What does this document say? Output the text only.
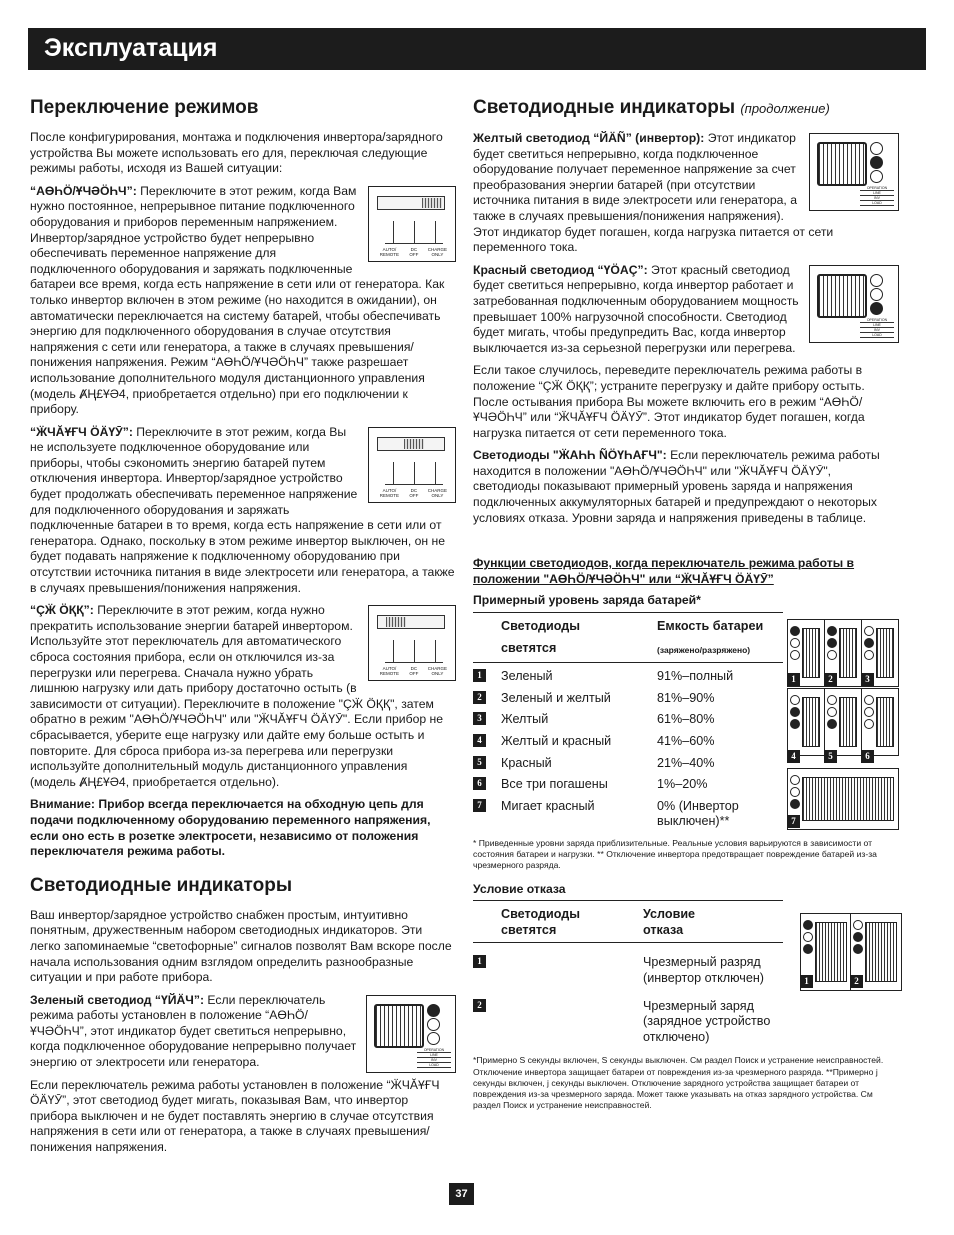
Эксплуатация
Переключение режимов

После конфигурирования, монтажа и подключения инвертора/зарядного устройства Вы можете использовать его для, переключая следующие режимы работы, исходя из Вашей ситуации:

AUTO/ REMOTE
DC OFF
CHARGE ONLY

“АӨҺÖ/ҰЧӘÖҺЧ”: Переключите в этот режим, когда Вам нужно постоянное, непрерывное питание подключенного оборудования и приборов переменным напряжением. Инвертор/зарядное устройство будет непрерывно обеспечивать переменное напряжение для подключенного оборудования и заряжать подключенные батареи все время, когда есть напряжение в сети или от генератора. Как только инвертор включен в этом режиме (но находится в ожидании), он автоматически переключается на систему батарей, чтобы обеспечивать энергию для подключенного оборудования в случае отсутствия напряжения с сети или генератора, а также в случаях превышения/понижения напряжения. Режим “АӨҺÖ/ҰЧӘÖҺЧ” также разрешает использование дополнительного модуля дистанционного управления (модель ȺҢ£ҰӘ4, приобретается отдельно) при его подключении к прибору.

AUTO/ REMOTE
DC OFF
CHARGE ONLY

“ӜЧӐҰҒЧ ÖÄҮӮ”: Переключите в этот режим, когда Вы не используете подключенное оборудование или приборы, чтобы сэкономить энергию батарей путем отключения инвертора. Инвертор/зарядное устройство будет продолжать обеспечивать переменное напряжение для подключенного оборудования и заряжать подключенные батареи в то время, когда есть напряжение в сети или от генератора. Однако, поскольку в этом режиме инвертор выключен, он не будет подавать напряжение к подключенному оборудованию при отсутствии источника питания в виде электросети или генератора, а также в случаях превышения/понижения напряжения.

AUTO/ REMOTE
DC OFF
CHARGE ONLY

“ÇӜ ÖҚҚ”: Переключите в этот режим, когда нужно прекратить использование энергии батарей инвертором. Используйте этот переключатель для автоматического сброса состояния прибора, если он отключился из-за перегрузки или перегрева. Сначала нужно убрать лишнюю нагрузку или дать прибору достаточно остыть (в зависимости от ситуации). Переключите в положение "ÇӜ ÖҚҚ", затем обратно в режим "АӨҺÖ/ҰЧӘÖҺЧ" или "ӜЧӐҰҒЧ ÖÄҮӮ". Если прибор не сбрасывается, уберите еще нагрузку или дайте ему больше остыть и повторите. Для сброса прибора из-за перегрева или перегрузки используйте дополнительный модуль дистанционного управления (модель ȺҢ£ҰӘ4, приобретается отдельно).

Внимание: Прибор всегда переключается на обходную цепь для подачи подключенному оборудованию переменного напряжения, если оно есть в розетке электросети, независимо от положения переключателя режима работы.

Светодиодные индикаторы

Ваш инвертор/зарядное устройство снабжен простым, интуитивно понятным, дружественным набором светодиодных индикаторов. Эти легко запоминаемые “светофорные” сигналов позволят Вам вскоре после начала использования одним взглядом определить разнообразные ситуации и при работе прибора.

OPERATION
LINE
INV
LOAD

Зеленый светодиод “ҮЙÄЧ”: Если переключатель режима работы установлен в положение “АӨҺÖ/ҰЧӘÖҺЧ”, этот индикатор будет светиться непрерывно, когда подключенное оборудование непрерывно получает энергию от электросети или генератора.

Если переключатель режима работы установлен в положение “ӜЧӐҰҒЧ ÖÄҮӮ”, этот светодиод будет мигать, показывая Вам, что инвертор прибора выключен и не будет поставлять энергию в случае отсутствия напряжения в сети или от генератора, а также в случаях превышения/понижения напряжения.

Светодиодные индикаторы (продолжение)
OPERATION
LINE
INV
LOAD

Желтый светодиод “ЙÄÑ” (инвертор): Этот индикатор будет светиться непрерывно, когда подключенное оборудование получает переменное напряжение за счет преобразования энергии батарей (при отсутствии источника питания в виде электросети или генератора, а также в случаях превышения/понижения напряжения). Этот индикатор будет погашен, когда нагрузка питается от сети переменного тока.

OPERATION
LINE
INV
LOAD

Красный светодиод “ҮÖАÇ”: Этот красный светодиод будет светиться непрерывно, когда инвертор работает и затребованная подключенным оборудованием мощность превышает 100% нагрузочной способности. Светодиод будет мигать, чтобы предупредить Вас, когда инвертор выключается из-за серьезной перегрузки или перегрева.

Если такое случилось, переведите переключатель режима работы в положение “ÇӜ ÖҚҚ”; устраните перегрузку и дайте прибору остыть. После остывания прибора Вы можете включить его в режим “АӨҺÖ/ҰЧӘÖҺЧ” или “ӜЧӐҰҒЧ ÖÄҮӮ”. Этот индикатор будет погашен, когда нагрузка питается от сети переменного тока.

Светодиоды "ӜАҺҺ ÑÖҮҺАҒЧ": Если переключатель режима работы находится в положении "АӨҺÖ/ҰЧӘÖҺЧ" или "ӜЧӐҰҒЧ ÖÄҮӮ", светодиоды показывают примерный уровень заряда и напряжения подключенных аккумуляторных батарей и предупреждают о некоторых условиях отказа. Уровни заряда и напряжения приведены в таблице.

Функции светодиодов, когда переключатель режима работы в положении "АӨҺÖ/ҰЧӘÖҺЧ" или “ӜЧӐҰҒЧ ÖÄҮӮ”
Примерный уровень заряда батарей*
Светодиоды
светятся
Емкость батареи
(заряжено/разряжено)
1	Зеленый	91%–полный
2	Зеленый и желтый	81%–90%
3	Желтый	61%–80%
4	Желтый и красный	41%–60%
5	Красный	21%–40%
6	Все три погашены	1%–20%
7	Мигает красный	0% (Инвертор выключен)**
* Приведенные уровни заряда приблизительные. Реальные условия варьируются в зависимости от состояния батареи и нагрузки. ** Отключение инвертора предотвращает повреждение батарей из-за чрезмерного разряда.
Условие отказа
Светодиоды
светятся
Условие
отказа
1	Чрезмерный разряд (инвертор отключен)
2	Чрезмерный заряд (зарядное устройство отключено)
*Примерно S секунды включен, S секунды выключен. См раздел Поиск и устранение неисправностей. Отключение инвертора защищает батареи от повреждения из-за чрезмерного разряда. **Примерно j секунды включен, j секунды выключен. Отключение зарядного устройства защищает батареи от повреждения из-за чрезмерного заряда. Может также указывать на отказ зарядного устройства. См раздел Поиск и устранение неисправностей.
1	2	3
4	5	6
7
1	2
37
